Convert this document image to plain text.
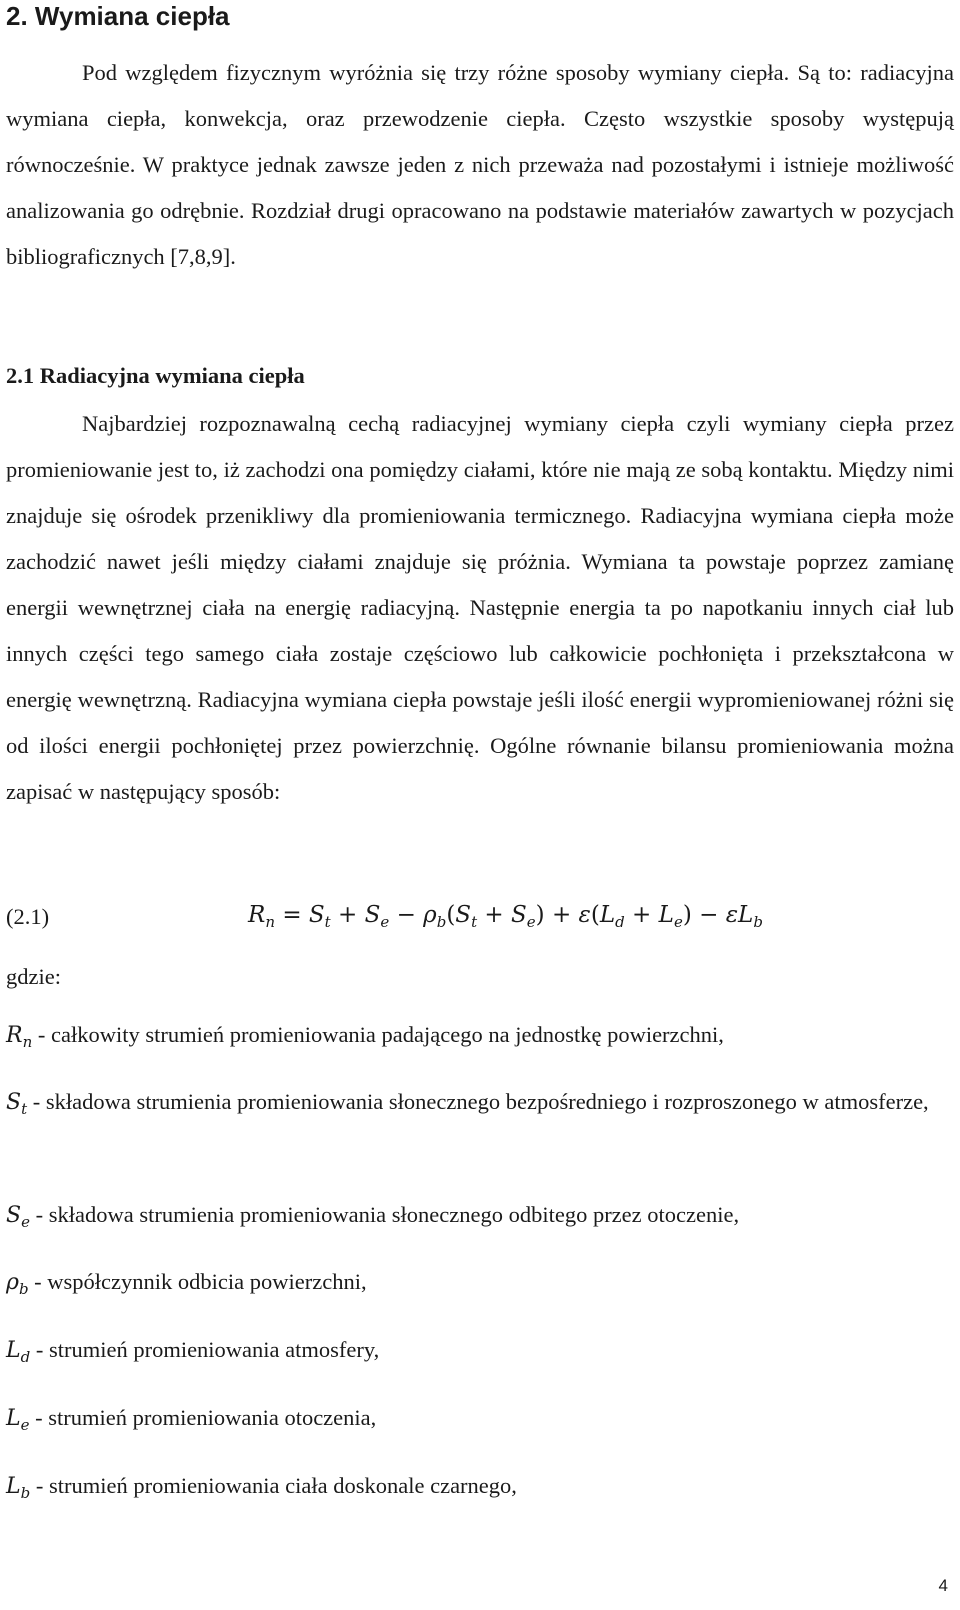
2. Wymiana ciepła

Pod względem fizycznym wyróżnia się trzy różne sposoby wymiany ciepła. Są to: radiacyjna wymiana ciepła, konwekcja, oraz przewodzenie ciepła. Często wszystkie sposoby występują równocześnie. W praktyce jednak zawsze jeden z nich przeważa nad pozostałymi i istnieje możliwość analizowania go odrębnie. Rozdział drugi opracowano na podstawie materiałów zawartych w pozycjach bibliograficznych [7,8,9].

2.1 Radiacyjna wymiana ciepła

Najbardziej rozpoznawalną cechą radiacyjnej wymiany ciepła czyli wymiany ciepła przez promieniowanie jest to, iż zachodzi ona pomiędzy ciałami, które nie mają ze sobą kontaktu. Między nimi znajduje się ośrodek przenikliwy dla promieniowania termicznego. Radiacyjna wymiana ciepła może zachodzić nawet jeśli między ciałami znajduje się próżnia. Wymiana ta powstaje poprzez zamianę energii wewnętrznej ciała na energię radiacyjną. Następnie energia ta po napotkaniu innych ciał lub innych części tego samego ciała zostaje częściowo lub całkowicie pochłonięta i przekształcona w energię wewnętrzną. Radiacyjna wymiana ciepła powstaje jeśli ilość energii wypromieniowanej różni się od ilości energii pochłoniętej przez powierzchnię. Ogólne równanie bilansu promieniowania można zapisać w następujący sposób:

(2.1)	$R_n = S_t + S_e - \rho_b(S_t + S_e) + \varepsilon(L_d + L_e) - \varepsilon L_b$
gdzie:

$R_n$ - całkowity strumień promieniowania padającego na jednostkę powierzchni,

$S_t$ - składowa strumienia promieniowania słonecznego bezpośredniego i rozproszonego w atmosferze,

$S_e$ - składowa strumienia promieniowania słonecznego odbitego przez otoczenie,

$\rho_b$ - współczynnik odbicia powierzchni,

$L_d$ - strumień promieniowania atmosfery,

$L_e$ - strumień promieniowania otoczenia,

$L_b$ - strumień promieniowania ciała doskonale czarnego,

4
